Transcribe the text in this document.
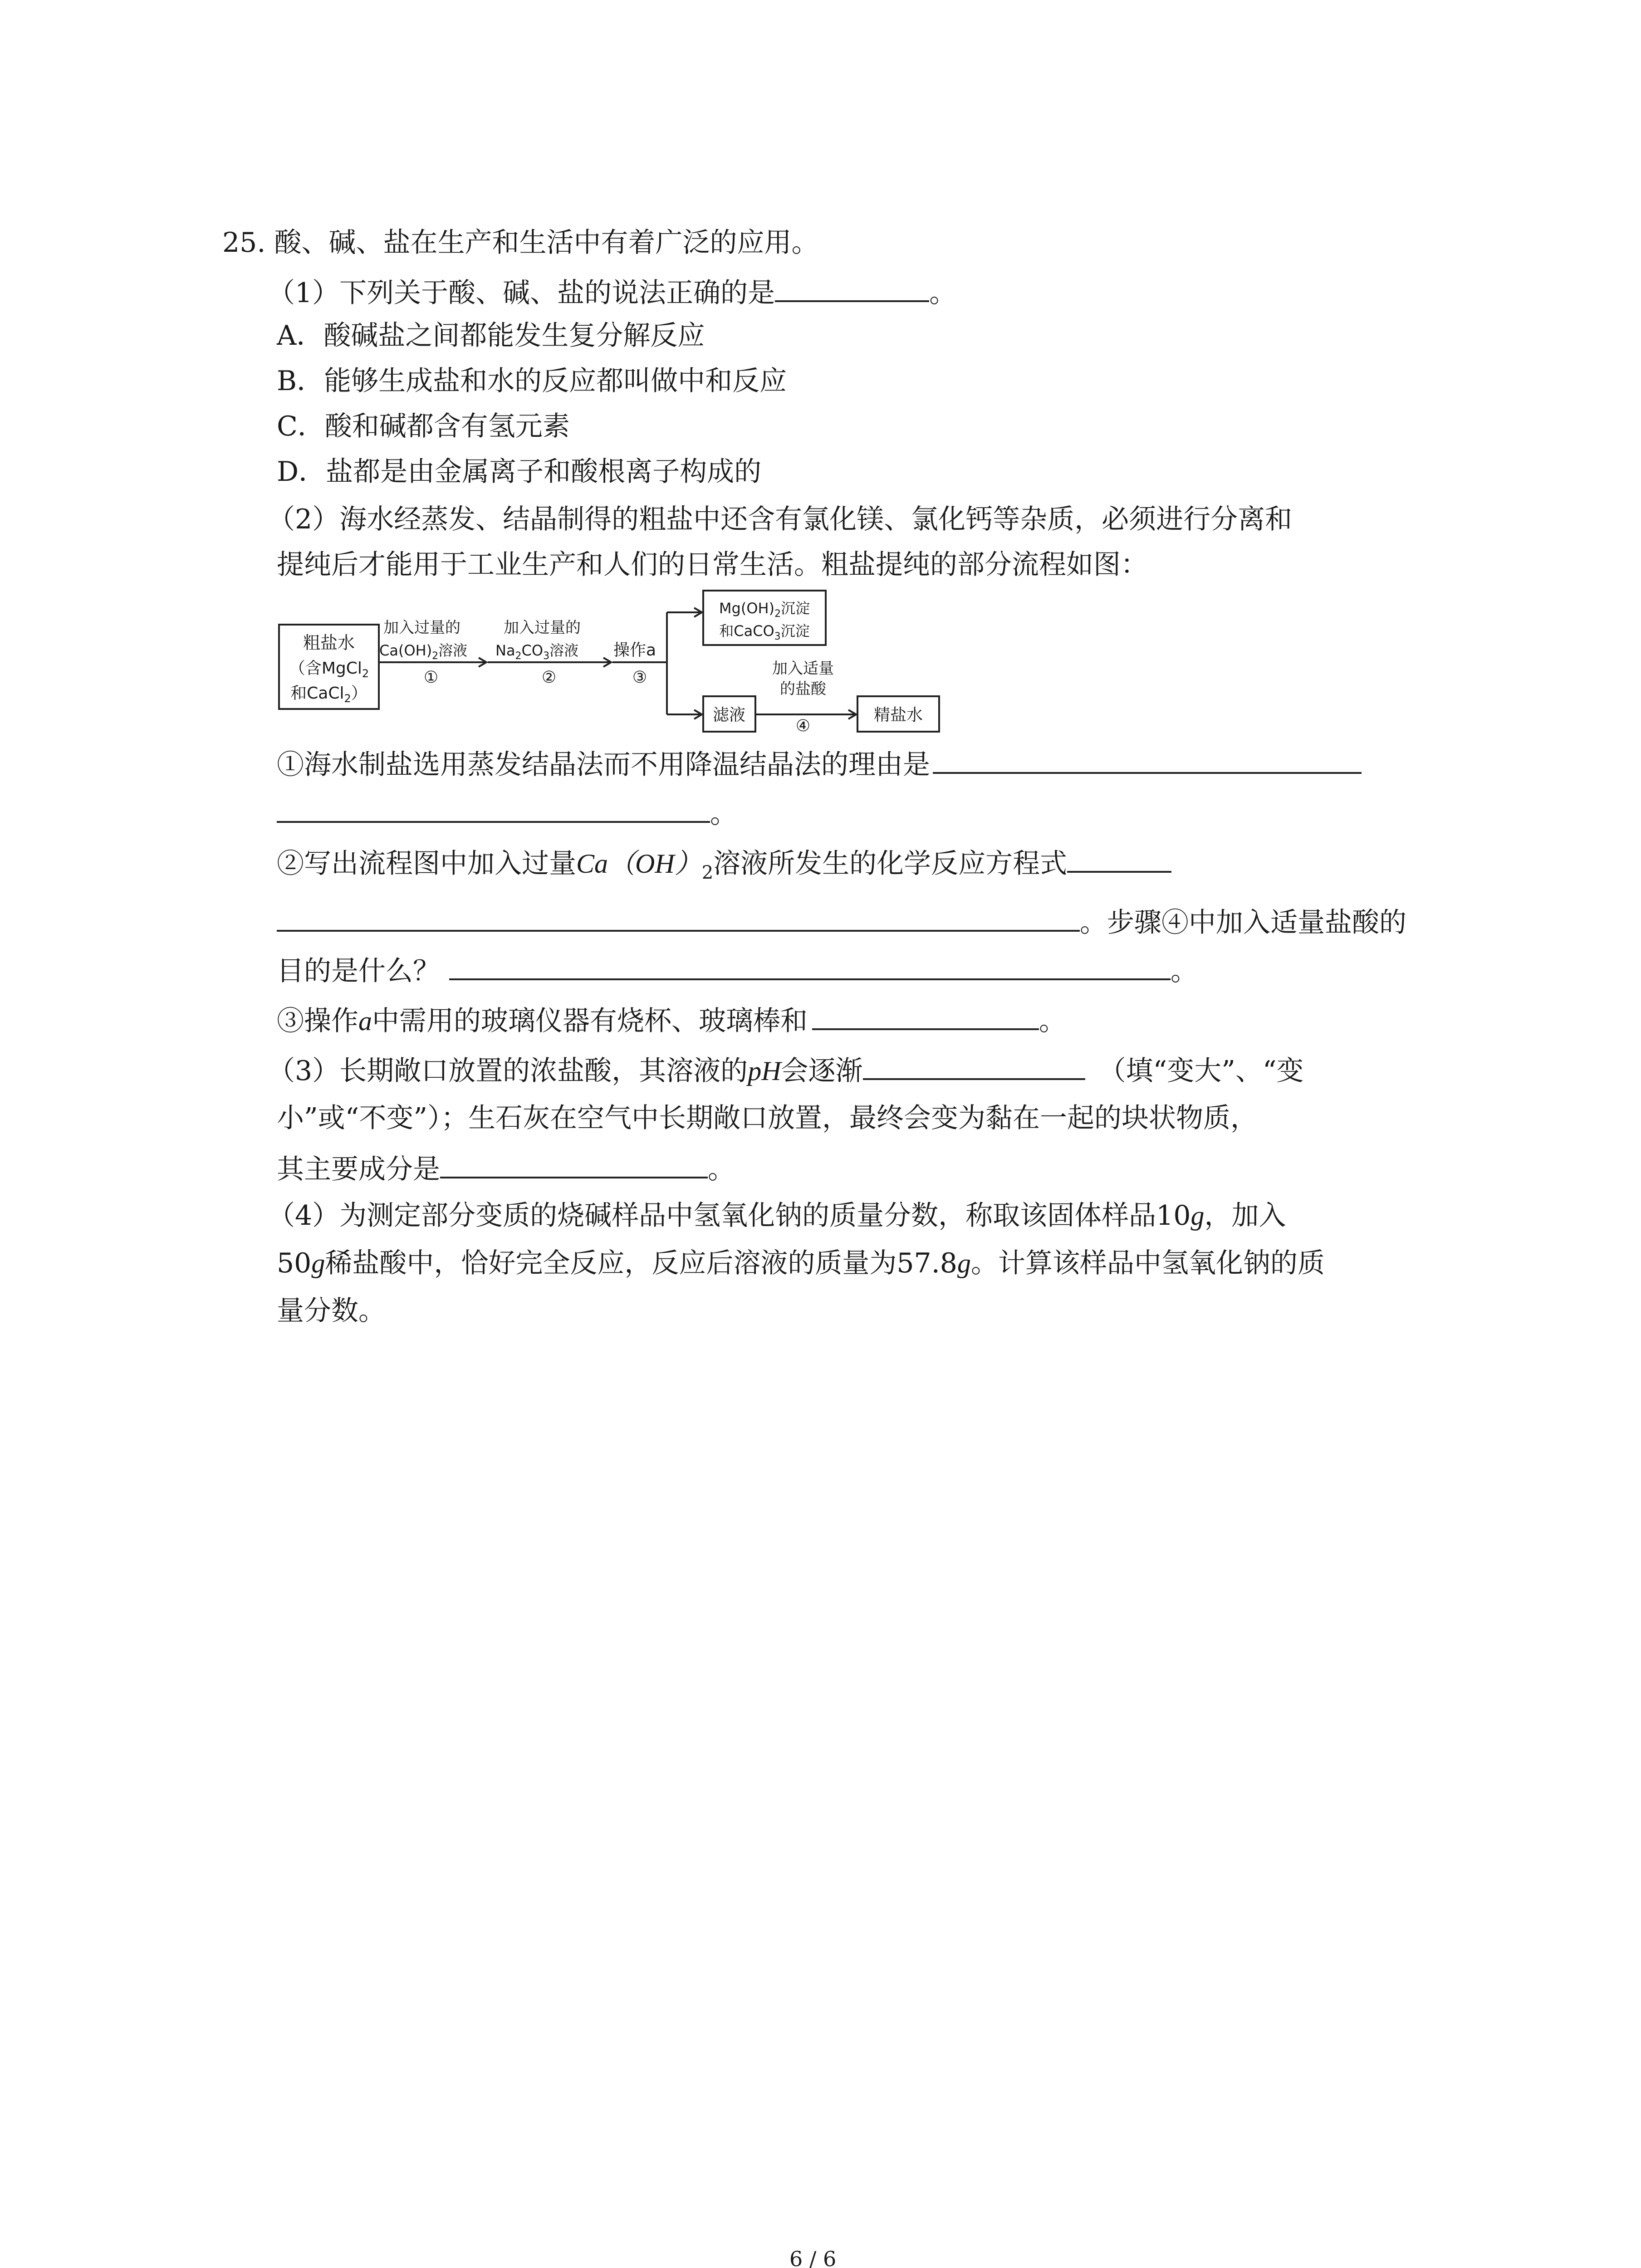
25. 酸、碱、盐在生产和生活中有着广泛的应用。
（1）下列关于酸、碱、盐的说法正确的是	。
A．酸碱盐之间都能发生复分解反应
B．能够生成盐和水的反应都叫做中和反应
C．酸和碱都含有氢元素
D．盐都是由金属离子和酸根离子构成的
（2）海水经蒸发、结晶制得的粗盐中还含有氯化镁、氯化钙等杂质，必须进行分离和
提纯后才能用于工业生产和人们的日常生活。粗盐提纯的部分流程如图：
粗盐水
（含MgCl$_2$
和CaCl$_2$）
加入过量的
$Ca(OH)_2$溶液
①
加入过量的
$Na_2CO_3$溶液
②
操作a
③
$Mg(OH)_2$沉淀
和CaCO$_3$沉淀
滤液
加入适量
的盐酸
④
精盐水
①海水制盐选用蒸发结晶法而不用降温结晶法的理由是
。
②写出流程图中加入过量$Ca(OH)_2$溶液所发生的化学反应方程式
。步骤④中加入适量盐酸的
目的是什么？	。
③操作a中需用的玻璃仪器有烧杯、玻璃棒和	。
（3）长期敞口放置的浓盐酸，其溶液的pH会逐渐	（填“变大”、“变
小”或“不变”）；生石灰在空气中长期敞口放置，最终会变为黏在一起的块状物质，
其主要成分是	。
（4）为测定部分变质的烧碱样品中氢氧化钠的质量分数，称取该固体样品10g，加入
50g稀盐酸中，恰好完全反应，反应后溶液的质量为57.8g。计算该样品中氢氧化钠的质
量分数。
6 / 6
